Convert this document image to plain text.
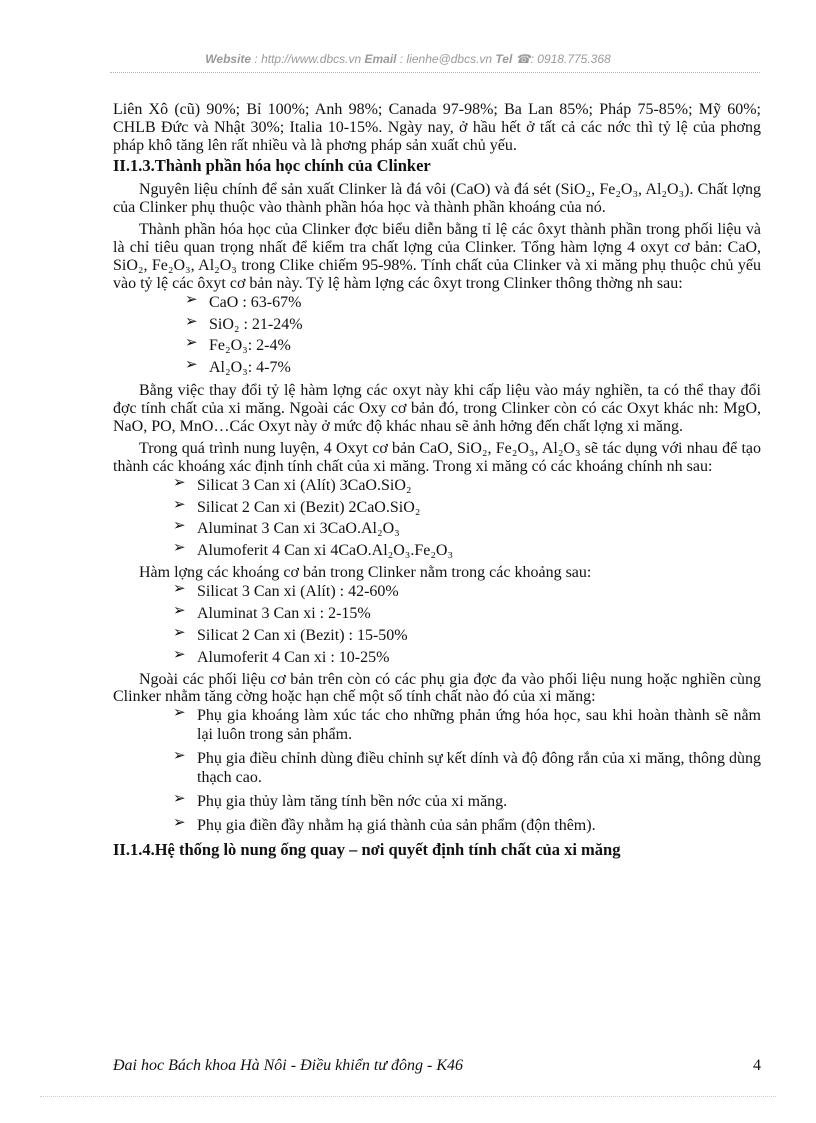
Website : http://www.dbcs.vn Email : lienhe@dbcs.vn Tel ☎: 0918.775.368

Liên Xô (cũ) 90%; Bỉ 100%; Anh 98%; Canada 97-98%; Ba Lan 85%; Pháp 75-85%; Mỹ 60%; CHLB Đức và Nhật 30%; Italia 10-15%. Ngày nay, ở hầu hết ở tất cả các nớc thì tỷ lệ của phơng pháp khô tăng lên rất nhiều và là phơng pháp sản xuất chủ yếu.

II.1.3.Thành phần hóa học chính của Clinker

Nguyên liệu chính để sản xuất Clinker là đá vôi (CaO) và đá sét (SiO₂, Fe₂O₃, Al₂O₃). Chất lợng của Clinker phụ thuộc vào thành phần hóa học và thành phần khoáng của nó.

Thành phần hóa học của Clinker đợc biểu diễn bằng tỉ lệ các ôxyt thành phần trong phối liệu và là chỉ tiêu quan trọng nhất để kiểm tra chất lợng của Clinker. Tổng hàm lợng 4 oxyt cơ bản: CaO, SiO₂, Fe₂O₃, Al₂O₃ trong Clike chiếm 95-98%. Tính chất của Clinker và xi măng phụ thuộc chủ yếu vào tỷ lệ các ôxyt cơ bản này. Tỷ lệ hàm lợng các ôxyt trong Clinker thông thờng nh sau:

➢ CaO : 63-67%
➢ SiO₂ : 21-24%
➢ Fe₂O₃: 2-4%
➢ Al₂O₃: 4-7%

Bằng việc thay đổi tỷ lệ hàm lợng các oxyt này khi cấp liệu vào máy nghiền, ta có thể thay đổi đợc tính chất của xi măng. Ngoài các Oxy cơ bản đó, trong Clinker còn có các Oxyt khác nh: MgO, NaO, PO, MnO…Các Oxyt này ở mức độ khác nhau sẽ ảnh hởng đến chất lợng xi măng.

Trong quá trình nung luyện, 4 Oxyt cơ bản CaO, SiO₂, Fe₂O₃, Al₂O₃ sẽ tác dụng với nhau để tạo thành các khoáng xác định tính chất của xi măng. Trong xi măng có các khoáng chính nh sau:

➢ Silicat 3 Can xi (Alít) 3CaO.SiO₂
➢ Silicat 2 Can xi (Bezit) 2CaO.SiO₂
➢ Aluminat 3 Can xi 3CaO.Al₂O₃
➢ Alumoferit 4 Can xi 4CaO.Al₂O₃.Fe₂O₃

Hàm lợng các khoáng cơ bản trong Clinker nằm trong các khoảng sau:

➢ Silicat 3 Can xi (Alít) : 42-60%
➢ Aluminat 3 Can xi : 2-15%
➢ Silicat 2 Can xi (Bezit) : 15-50%
➢ Alumoferit 4 Can xi : 10-25%

Ngoài các phối liệu cơ bản trên còn có các phụ gia đợc đa vào phối liệu nung hoặc nghiền cùng Clinker nhằm tăng cờng hoặc hạn chế một số tính chất nào đó của xi măng:

➢ Phụ gia khoáng làm xúc tác cho những phản ứng hóa học, sau khi hoàn thành sẽ nằm lại luôn trong sản phẩm.
➢ Phụ gia điều chỉnh dùng điều chỉnh sự kết dính và độ đông rắn của xi măng, thông dùng thạch cao.
➢ Phụ gia thủy làm tăng tính bền nớc của xi măng.
➢ Phụ gia điền đầy nhằm hạ giá thành của sản phẩm (độn thêm).

II.1.4.Hệ thống lò nung ống quay – nơi quyết định tính chất của xi măng

Đai hoc Bách khoa Hà Nôi - Điều khiển tư đông - K46	4
